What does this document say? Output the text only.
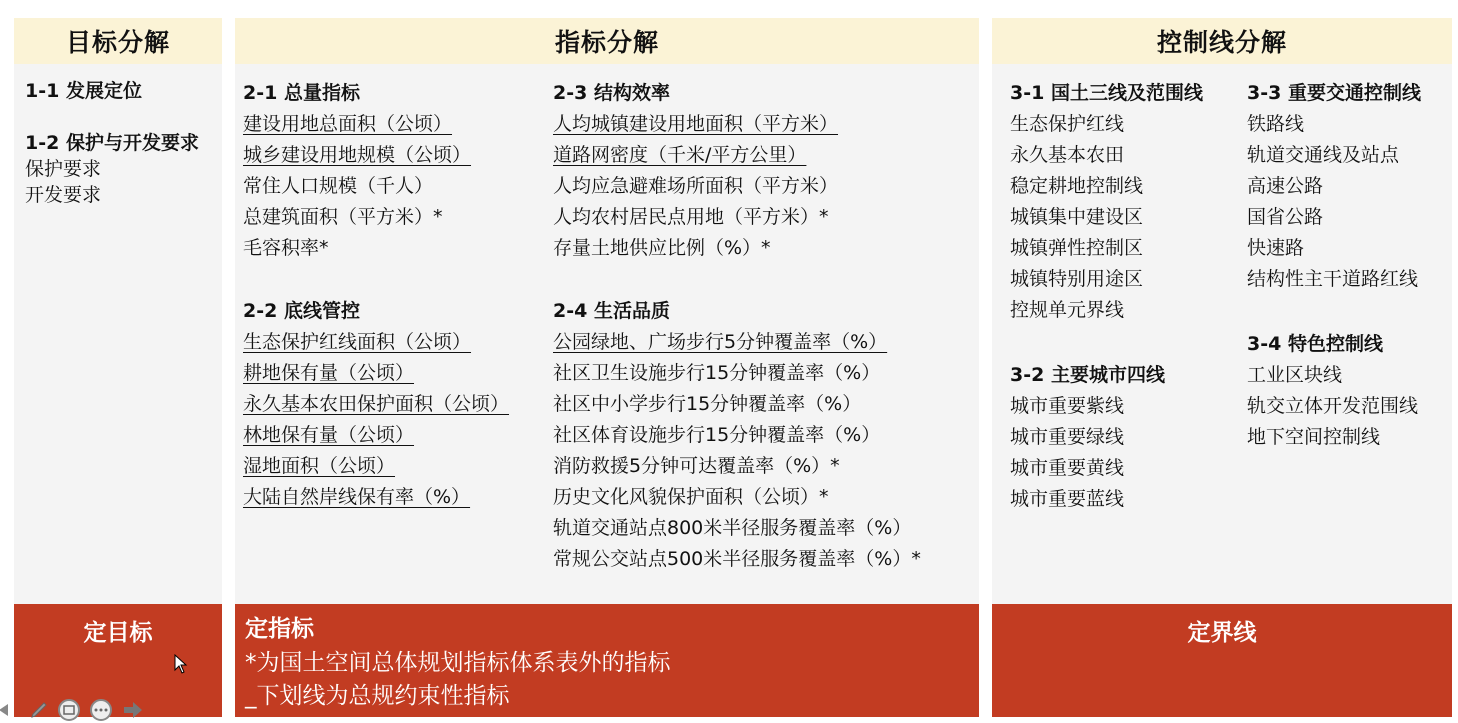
目标分解
1-1 发展定位
1-2 保护与开发要求
保护要求
开发要求
指标分解
2-1 总量指标
建设用地总面积（公顷）
城乡建设用地规模（公顷）
常住人口规模（千人）
总建筑面积（平方米）*
毛容积率*
2-2 底线管控
生态保护红线面积（公顷）
耕地保有量（公顷）
永久基本农田保护面积（公顷）
林地保有量（公顷）
湿地面积（公顷）
大陆自然岸线保有率（%）
2-3 结构效率
人均城镇建设用地面积（平方米）
道路网密度（千米/平方公里）
人均应急避难场所面积（平方米）
人均农村居民点用地（平方米）*
存量土地供应比例（%）*
2-4 生活品质
公园绿地、广场步行5分钟覆盖率（%）
社区卫生设施步行15分钟覆盖率（%）
社区中小学步行15分钟覆盖率（%）
社区体育设施步行15分钟覆盖率（%）
消防救援5分钟可达覆盖率（%）*
历史文化风貌保护面积（公顷）*
轨道交通站点800米半径服务覆盖率（%）
常规公交站点500米半径服务覆盖率（%）*
控制线分解
3-1 国土三线及范围线
生态保护红线
永久基本农田
稳定耕地控制线
城镇集中建设区
城镇弹性控制区
城镇特别用途区
控规单元界线
3-2 主要城市四线
城市重要紫线
城市重要绿线
城市重要黄线
城市重要蓝线
3-3 重要交通控制线
铁路线
轨道交通线及站点
高速公路
国省公路
快速路
结构性主干道路红线
3-4 特色控制线
工业区块线
轨交立体开发范围线
地下空间控制线
定目标	定指标
*为国土空间总体规划指标体系表外的指标
_下划线为总规约束性指标
定界线
